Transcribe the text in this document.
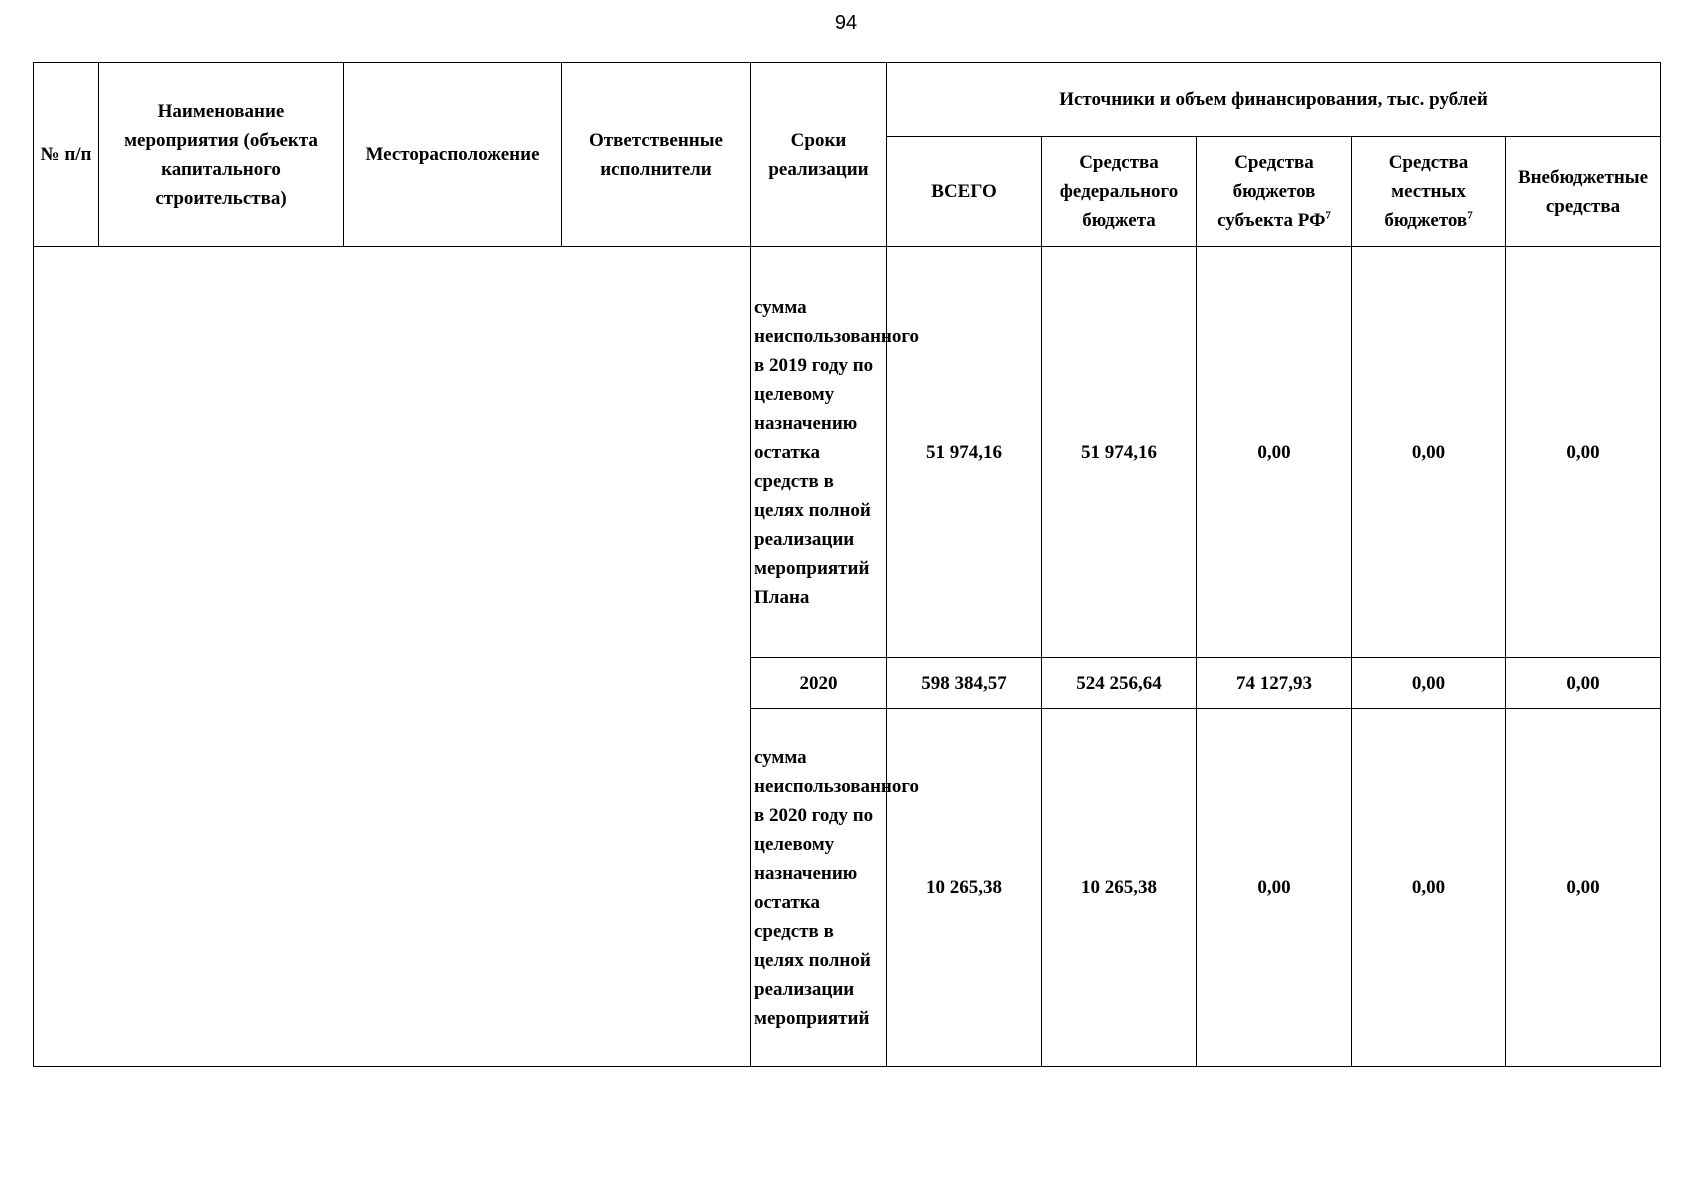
94
№ п/п	Наименование мероприятия (объекта капитального строительства)	Месторасположение	Ответственные исполнители	Сроки реализации	Источники и объем финансирования, тыс. рублей				
					ВСЕГО	Средства федерального бюджета	Средства бюджетов субъекта $РФ^7$	Средства местных бюджетов$^7$	Внебюджетные средства
				сумма неиспользованного в 2019 году по целевому назначению остатка средств в целях полной реализации мероприятий Плана	51 974,16	51 974,16	0,00	0,00	0,00
				2020	598 384,57	524 256,64	74 127,93	0,00	0,00
				сумма неиспользованного в 2020 году по целевому назначению остатка средств в целях полной реализации мероприятий	10 265,38	10 265,38	0,00	0,00	0,00
